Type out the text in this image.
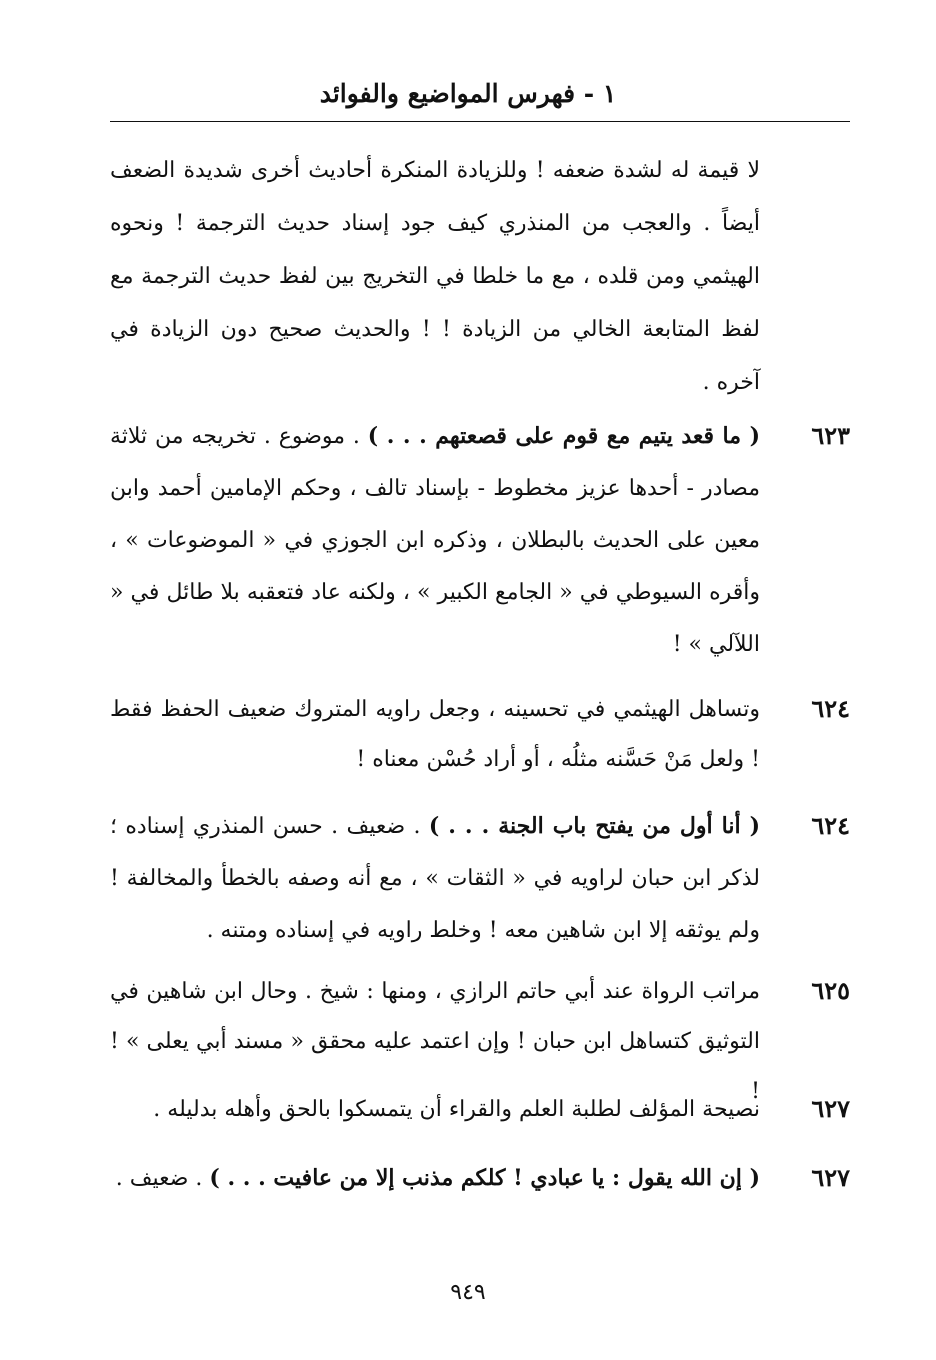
١ - فهرس المواضيع والفوائد
لا قيمة له لشدة ضعفه ! وللزيادة المنكرة أحاديث أخرى شديدة الضعف أيضاً . والعجب من المنذري كيف جود إسناد حديث الترجمة ! ونحوه الهيثمي ومن قلده ، مع ما خلطا في التخريج بين لفظ حديث الترجمة مع لفظ المتابعة الخالي من الزيادة ! ! والحديث صحيح دون الزيادة في آخره .
٦٢٣
( ما قعد يتيم مع قوم على قصعتهم . . . ) . موضوع . تخريجه من ثلاثة مصادر - أحدها عزيز مخطوط - بإسناد تالف ، وحكم الإمامين أحمد وابن معين على الحديث بالبطلان ، وذكره ابن الجوزي في « الموضوعات » ، وأقره السيوطي في « الجامع الكبير » ، ولكنه عاد فتعقبه بلا طائل في « اللآلي » !
٦٢٤
وتساهل الهيثمي في تحسينه ، وجعل راويه المتروك ضعيف الحفظ فقط ! ولعل مَنْ حَسَّنه مثلُه ، أو أراد حُسْن معناه !
٦٢٤
( أنا أول من يفتح باب الجنة . . . ) . ضعيف . حسن المنذري إسناده ؛ لذكر ابن حبان لراويه في « الثقات » ، مع أنه وصفه بالخطأ والمخالفة ! ولم يوثقه إلا ابن شاهين معه ! وخلط راويه في إسناده ومتنه .
٦٢٥
مراتب الرواة عند أبي حاتم الرازي ، ومنها : شيخ . وحال ابن شاهين في التوثيق كتساهل ابن حبان ! وإن اعتمد عليه محقق « مسند أبي يعلى » ! !
٦٢٧
نصيحة المؤلف لطلبة العلم والقراء أن يتمسكوا بالحق وأهله بدليله .
٦٢٧
( إن الله يقول : يا عبادي ! كلكم مذنب إلا من عافيت . . . ) . ضعيف .
٩٤٩
